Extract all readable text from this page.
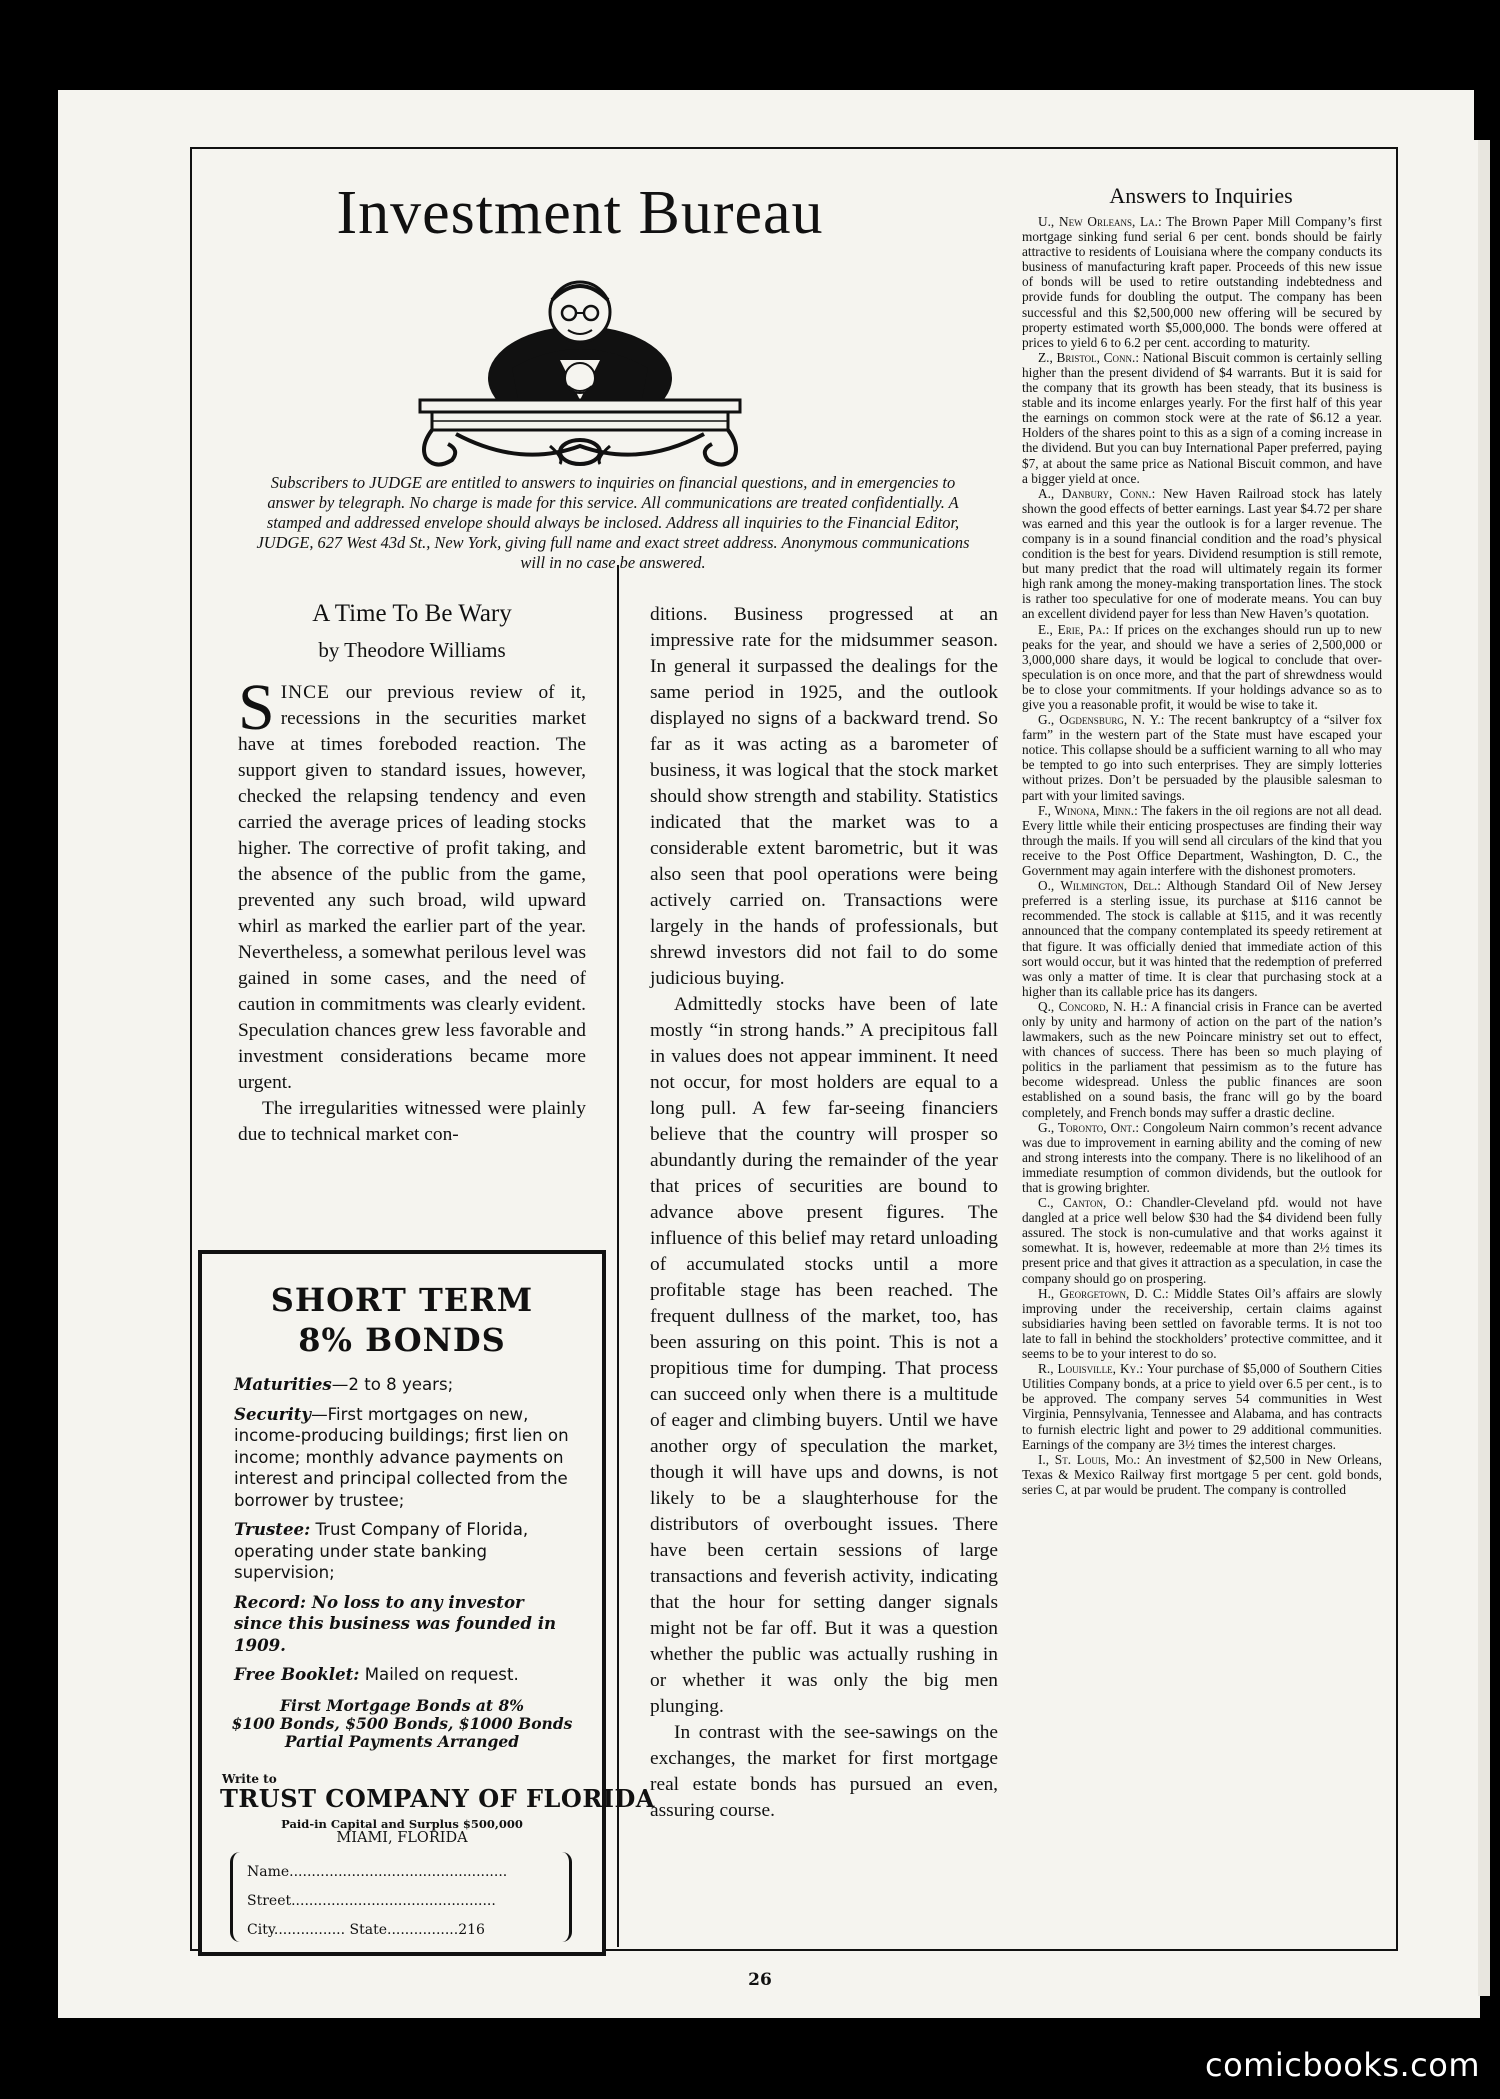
Investment Bureau

Subscribers to JUDGE are entitled to answers to inquiries on financial questions, and in emergencies to answer by telegraph. No charge is made for this service. All communications are treated confidentially. A stamped and addressed envelope should always be inclosed. Address all inquiries to the Financial Editor, JUDGE, 627 West 43d St., New York, giving full name and exact street address. Anonymous communications will in no case be answered.

A Time To Be Wary
by Theodore Williams

SINCE our previous review of it, recessions in the securities market have at times foreboded reaction. The support given to standard issues, however, checked the relapsing tendency and even carried the average prices of leading stocks higher. The corrective of profit taking, and the absence of the public from the game, prevented any such broad, wild upward whirl as marked the earlier part of the year. Nevertheless, a somewhat perilous level was gained in some cases, and the need of caution in commitments was clearly evident. Speculation chances grew less favorable and investment considerations became more urgent.

The irregularities witnessed were plainly due to technical market con-

ditions. Business progressed at an impressive rate for the midsummer season. In general it surpassed the dealings for the same period in 1925, and the outlook displayed no signs of a backward trend. So far as it was acting as a barometer of business, it was logical that the stock market should show strength and stability. Statistics indicated that the market was to a considerable extent barometric, but it was also seen that pool operations were being actively carried on. Transactions were largely in the hands of professionals, but shrewd investors did not fail to do some judicious buying.

Admittedly stocks have been of late mostly “in strong hands.” A precipitous fall in values does not appear imminent. It need not occur, for most holders are equal to a long pull. A few far-seeing financiers believe that the country will prosper so abundantly during the remainder of the year that prices of securities are bound to advance above present figures. The influence of this belief may retard unloading of accumulated stocks until a more profitable stage has been reached. The frequent dullness of the market, too, has been assuring on this point. This is not a propitious time for dumping. That process can succeed only when there is a multitude of eager and climbing buyers. Until we have another orgy of speculation the market, though it will have ups and downs, is not likely to be a slaughterhouse for the distributors of overbought issues. There have been certain sessions of large transactions and feverish activity, indicating that the hour for setting danger signals might not be far off. But it was a question whether the public was actually rushing in or whether it was only the big men plunging.

In contrast with the see-sawings on the exchanges, the market for first mortgage real estate bonds has pursued an even, assuring course.

Answers to Inquiries

U., New Orleans, La.: The Brown Paper Mill Company’s first mortgage sinking fund serial 6 per cent. bonds should be fairly attractive to residents of Louisiana where the company conducts its business of manufacturing kraft paper. Proceeds of this new issue of bonds will be used to retire outstanding indebtedness and provide funds for doubling the output. The company has been successful and this $2,500,000 new offering will be secured by property estimated worth $5,000,000. The bonds were offered at prices to yield 6 to 6.2 per cent. according to maturity.

Z., Bristol, Conn.: National Biscuit common is certainly selling higher than the present dividend of $4 warrants. But it is said for the company that its growth has been steady, that its business is stable and its income enlarges yearly. For the first half of this year the earnings on common stock were at the rate of $6.12 a year. Holders of the shares point to this as a sign of a coming increase in the dividend. But you can buy International Paper preferred, paying $7, at about the same price as National Biscuit common, and have a bigger yield at once.

A., Danbury, Conn.: New Haven Railroad stock has lately shown the good effects of better earnings. Last year $4.72 per share was earned and this year the outlook is for a larger revenue. The company is in a sound financial condition and the road’s physical condition is the best for years. Dividend resumption is still remote, but many predict that the road will ultimately regain its former high rank among the money-making transportation lines. The stock is rather too speculative for one of moderate means. You can buy an excellent dividend payer for less than New Haven’s quotation.

E., Erie, Pa.: If prices on the exchanges should run up to new peaks for the year, and should we have a series of 2,500,000 or 3,000,000 share days, it would be logical to conclude that over-speculation is on once more, and that the part of shrewdness would be to close your commitments. If your holdings advance so as to give you a reasonable profit, it would be wise to take it.

G., Ogdensburg, N. Y.: The recent bankruptcy of a “silver fox farm” in the western part of the State must have escaped your notice. This collapse should be a sufficient warning to all who may be tempted to go into such enterprises. They are simply lotteries without prizes. Don’t be persuaded by the plausible salesman to part with your limited savings.

F., Winona, Minn.: The fakers in the oil regions are not all dead. Every little while their enticing prospectuses are finding their way through the mails. If you will send all circulars of the kind that you receive to the Post Office Department, Washington, D. C., the Government may again interfere with the dishonest promoters.

O., Wilmington, Del.: Although Standard Oil of New Jersey preferred is a sterling issue, its purchase at $116 cannot be recommended. The stock is callable at $115, and it was recently announced that the company contemplated its speedy retirement at that figure. It was officially denied that immediate action of this sort would occur, but it was hinted that the redemption of preferred was only a matter of time. It is clear that purchasing stock at a higher than its callable price has its dangers.

Q., Concord, N. H.: A financial crisis in France can be averted only by unity and harmony of action on the part of the nation’s lawmakers, such as the new Poincare ministry set out to effect, with chances of success. There has been so much playing of politics in the parliament that pessimism as to the future has become widespread. Unless the public finances are soon established on a sound basis, the franc will go by the board completely, and French bonds may suffer a drastic decline.

G., Toronto, Ont.: Congoleum Nairn common’s recent advance was due to improvement in earning ability and the coming of new and strong interests into the company. There is no likelihood of an immediate resumption of common dividends, but the outlook for that is growing brighter.

C., Canton, O.: Chandler-Cleveland pfd. would not have dangled at a price well below $30 had the $4 dividend been fully assured. The stock is non-cumulative and that works against it somewhat. It is, however, redeemable at more than 2½ times its present price and that gives it attraction as a speculation, in case the company should go on prospering.

H., Georgetown, D. C.: Middle States Oil’s affairs are slowly improving under the receivership, certain claims against subsidiaries having been settled on favorable terms. It is not too late to fall in behind the stockholders’ protective committee, and it seems to be to your interest to do so.

R., Louisville, Ky.: Your purchase of $5,000 of Southern Cities Utilities Company bonds, at a price to yield over 6.5 per cent., is to be approved. The company serves 54 communities in West Virginia, Pennsylvania, Tennessee and Alabama, and has contracts to furnish electric light and power to 29 additional communities. Earnings of the company are 3½ times the interest charges.

I., St. Louis, Mo.: An investment of $2,500 in New Orleans, Texas & Mexico Railway first mortgage 5 per cent. gold bonds, series C, at par would be prudent. The company is controlled

SHORT TERM
8% BONDS

Maturities—2 to 8 years;

Security—First mortgages on new, income-producing buildings; first lien on income; monthly advance payments on interest and principal collected from the borrower by trustee;

Trustee: Trust Company of Florida, operating under state banking supervision;

Record: No loss to any investor since this business was founded in 1909.

Free Booklet: Mailed on request.

First Mortgage Bonds at 8%
$100 Bonds, $500 Bonds, $1000 Bonds
Partial Payments Arranged
Write to
TRUST COMPANY OF FLORIDA
Paid-in Capital and Surplus $500,000
MIAMI, FLORIDA
Name.................................................
Street..............................................
City................ State................216
26
comicbooks.com
